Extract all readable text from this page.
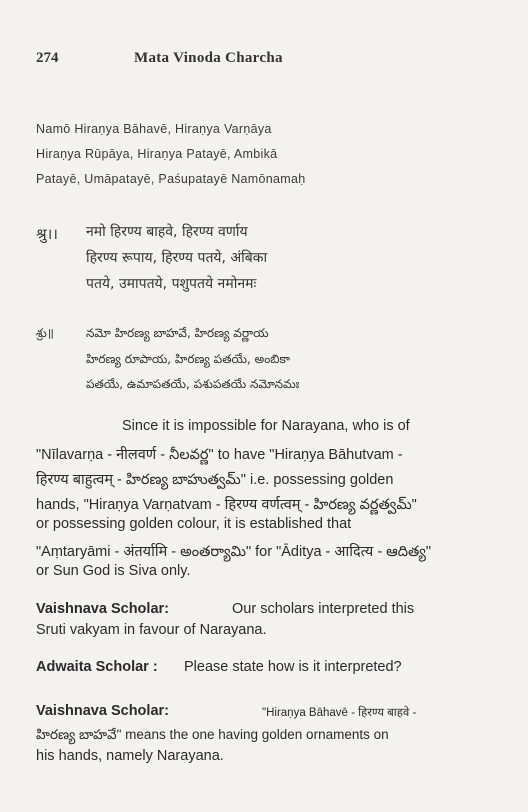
274	Mata Vinoda Charcha
Namō Hiraṇya Bāhavē, Hiraṇya Varṇāya
Hiraṇya Rūpāya, Hiraṇya Patayē, Ambikā
Patayē, Umāpatayē, Paśupatayē Namōnamaḥ
श्रु।। नमो हिरण्य बाहवे, हिरण्य वर्णाय
हिरण्य रूपाय, हिरण्य पतये, अंबिका
पतये, उमापतये, पशुपतये नमोनमः
శ్రు॥	నమో హిరణ్య బాహవే, హిరణ్య వర్ణాయ
హిరణ్య రూపాయ, హిరణ్య పతయే, అంబికా
పతయే, ఉమాపతయే, పశుపతయే నమోనమః
Since it is impossible for Narayana, who is of
"Nīlavarṇa - नीलवर्ण - నీలవర్ణ" to have "Hiraṇya Bāhutvam -
हिरण्य बाहुत्वम् - హిరణ్య బాహుత్వమ్" i.e. possessing golden
hands, "Hiraṇya Varṇatvam - हिरण्य वर्णत्वम् - హిరణ్య వర్ణత్వమ్"
or possessing golden colour, it is established that
"Aṃtaryāmi - अंतर्यामि - అంతర్యామి" for "Āditya - आदित्य - ఆదిత్య"
or Sun God is Siva only.
Vaishnava Scholar:	Our scholars interpreted this
Sruti vakyam in favour of Narayana.
Adwaita Scholar : Please state how is it interpreted?
Vaishnava Scholar:	"Hiraṇya Bāhavē - हिरण्य बाहवे -
హిరణ్య బాహవే" means the one having golden ornaments on
his hands, namely Narayana.
